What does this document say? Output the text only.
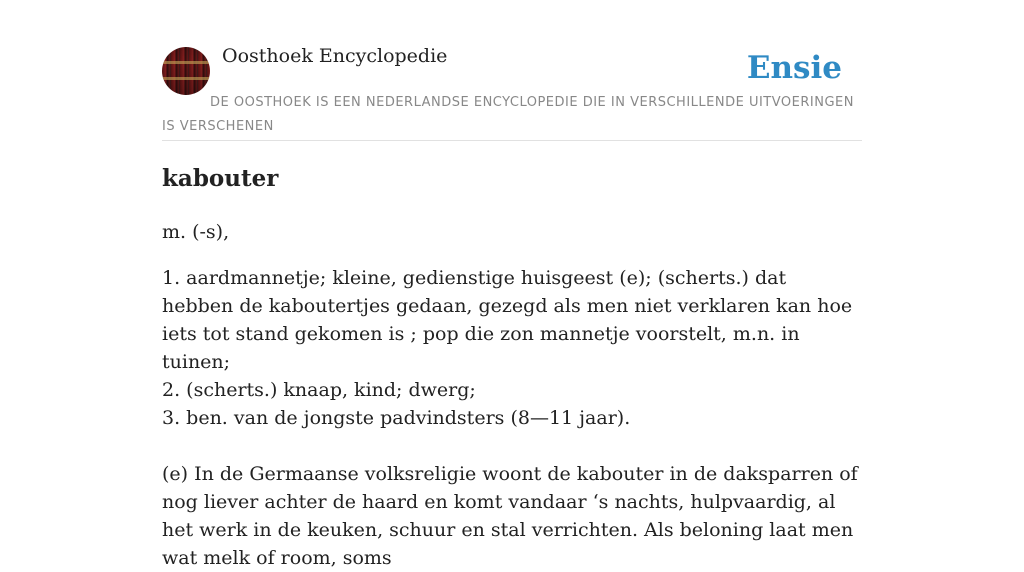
Oosthoek Encyclopedie	Ensie
DE OOSTHOEK IS EEN NEDERLANDSE ENCYCLOPEDIE DIE IN VERSCHILLENDE UITVOERINGEN IS VERSCHENEN
kabouter
m. (-s),
1. aardmannetje; kleine, gedienstige huisgeest (e); (scherts.) dat hebben de kaboutertjes gedaan, gezegd als men niet verklaren kan hoe iets tot stand gekomen is ; pop die zon mannetje voorstelt, m.n. in tuinen;
2. (scherts.) knaap, kind; dwerg;
3. ben. van de jongste padvindsters (8—11 jaar).
(e) In de Germaanse volksreligie woont de kabouter in de daksparren of nog liever achter de haard en komt vandaar ‘s nachts, hulpvaardig, al het werk in de keuken, schuur en stal verrichten. Als beloning laat men wat melk of room, soms
